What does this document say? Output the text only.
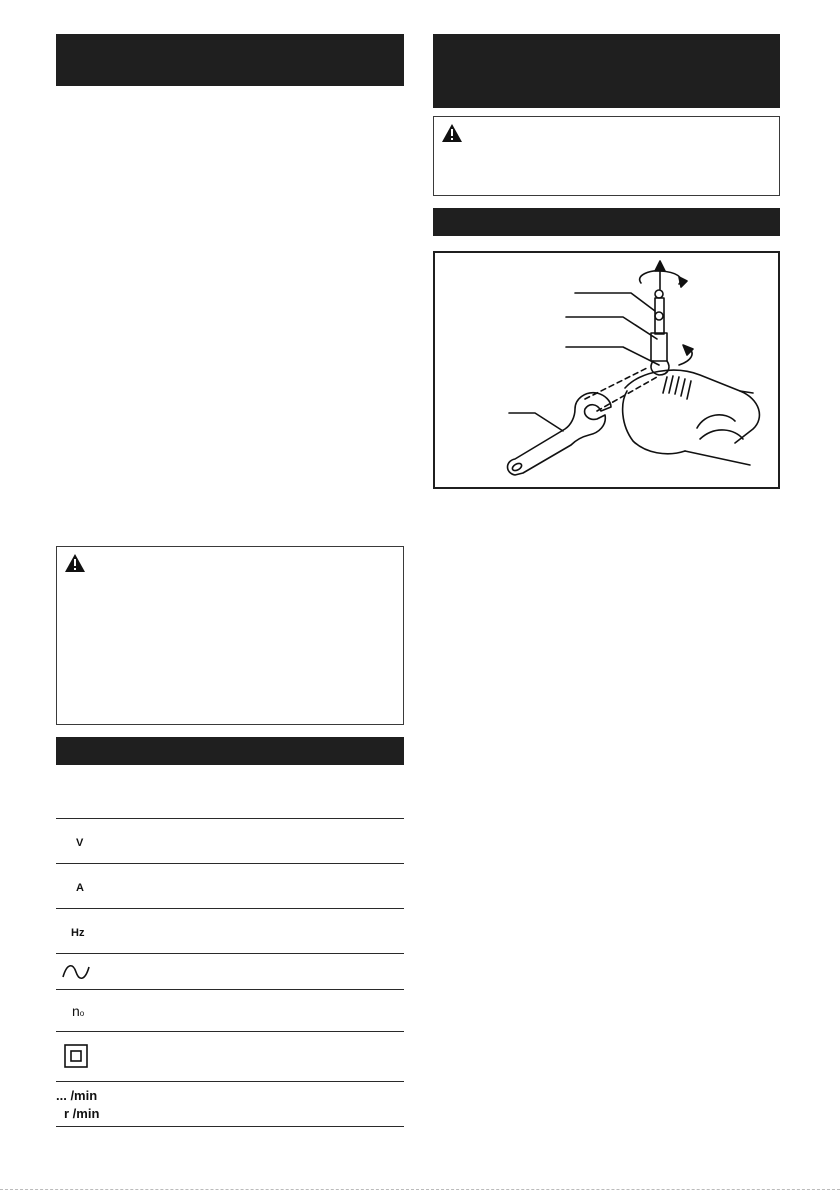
V
A
Hz
no
... /min
r /min
